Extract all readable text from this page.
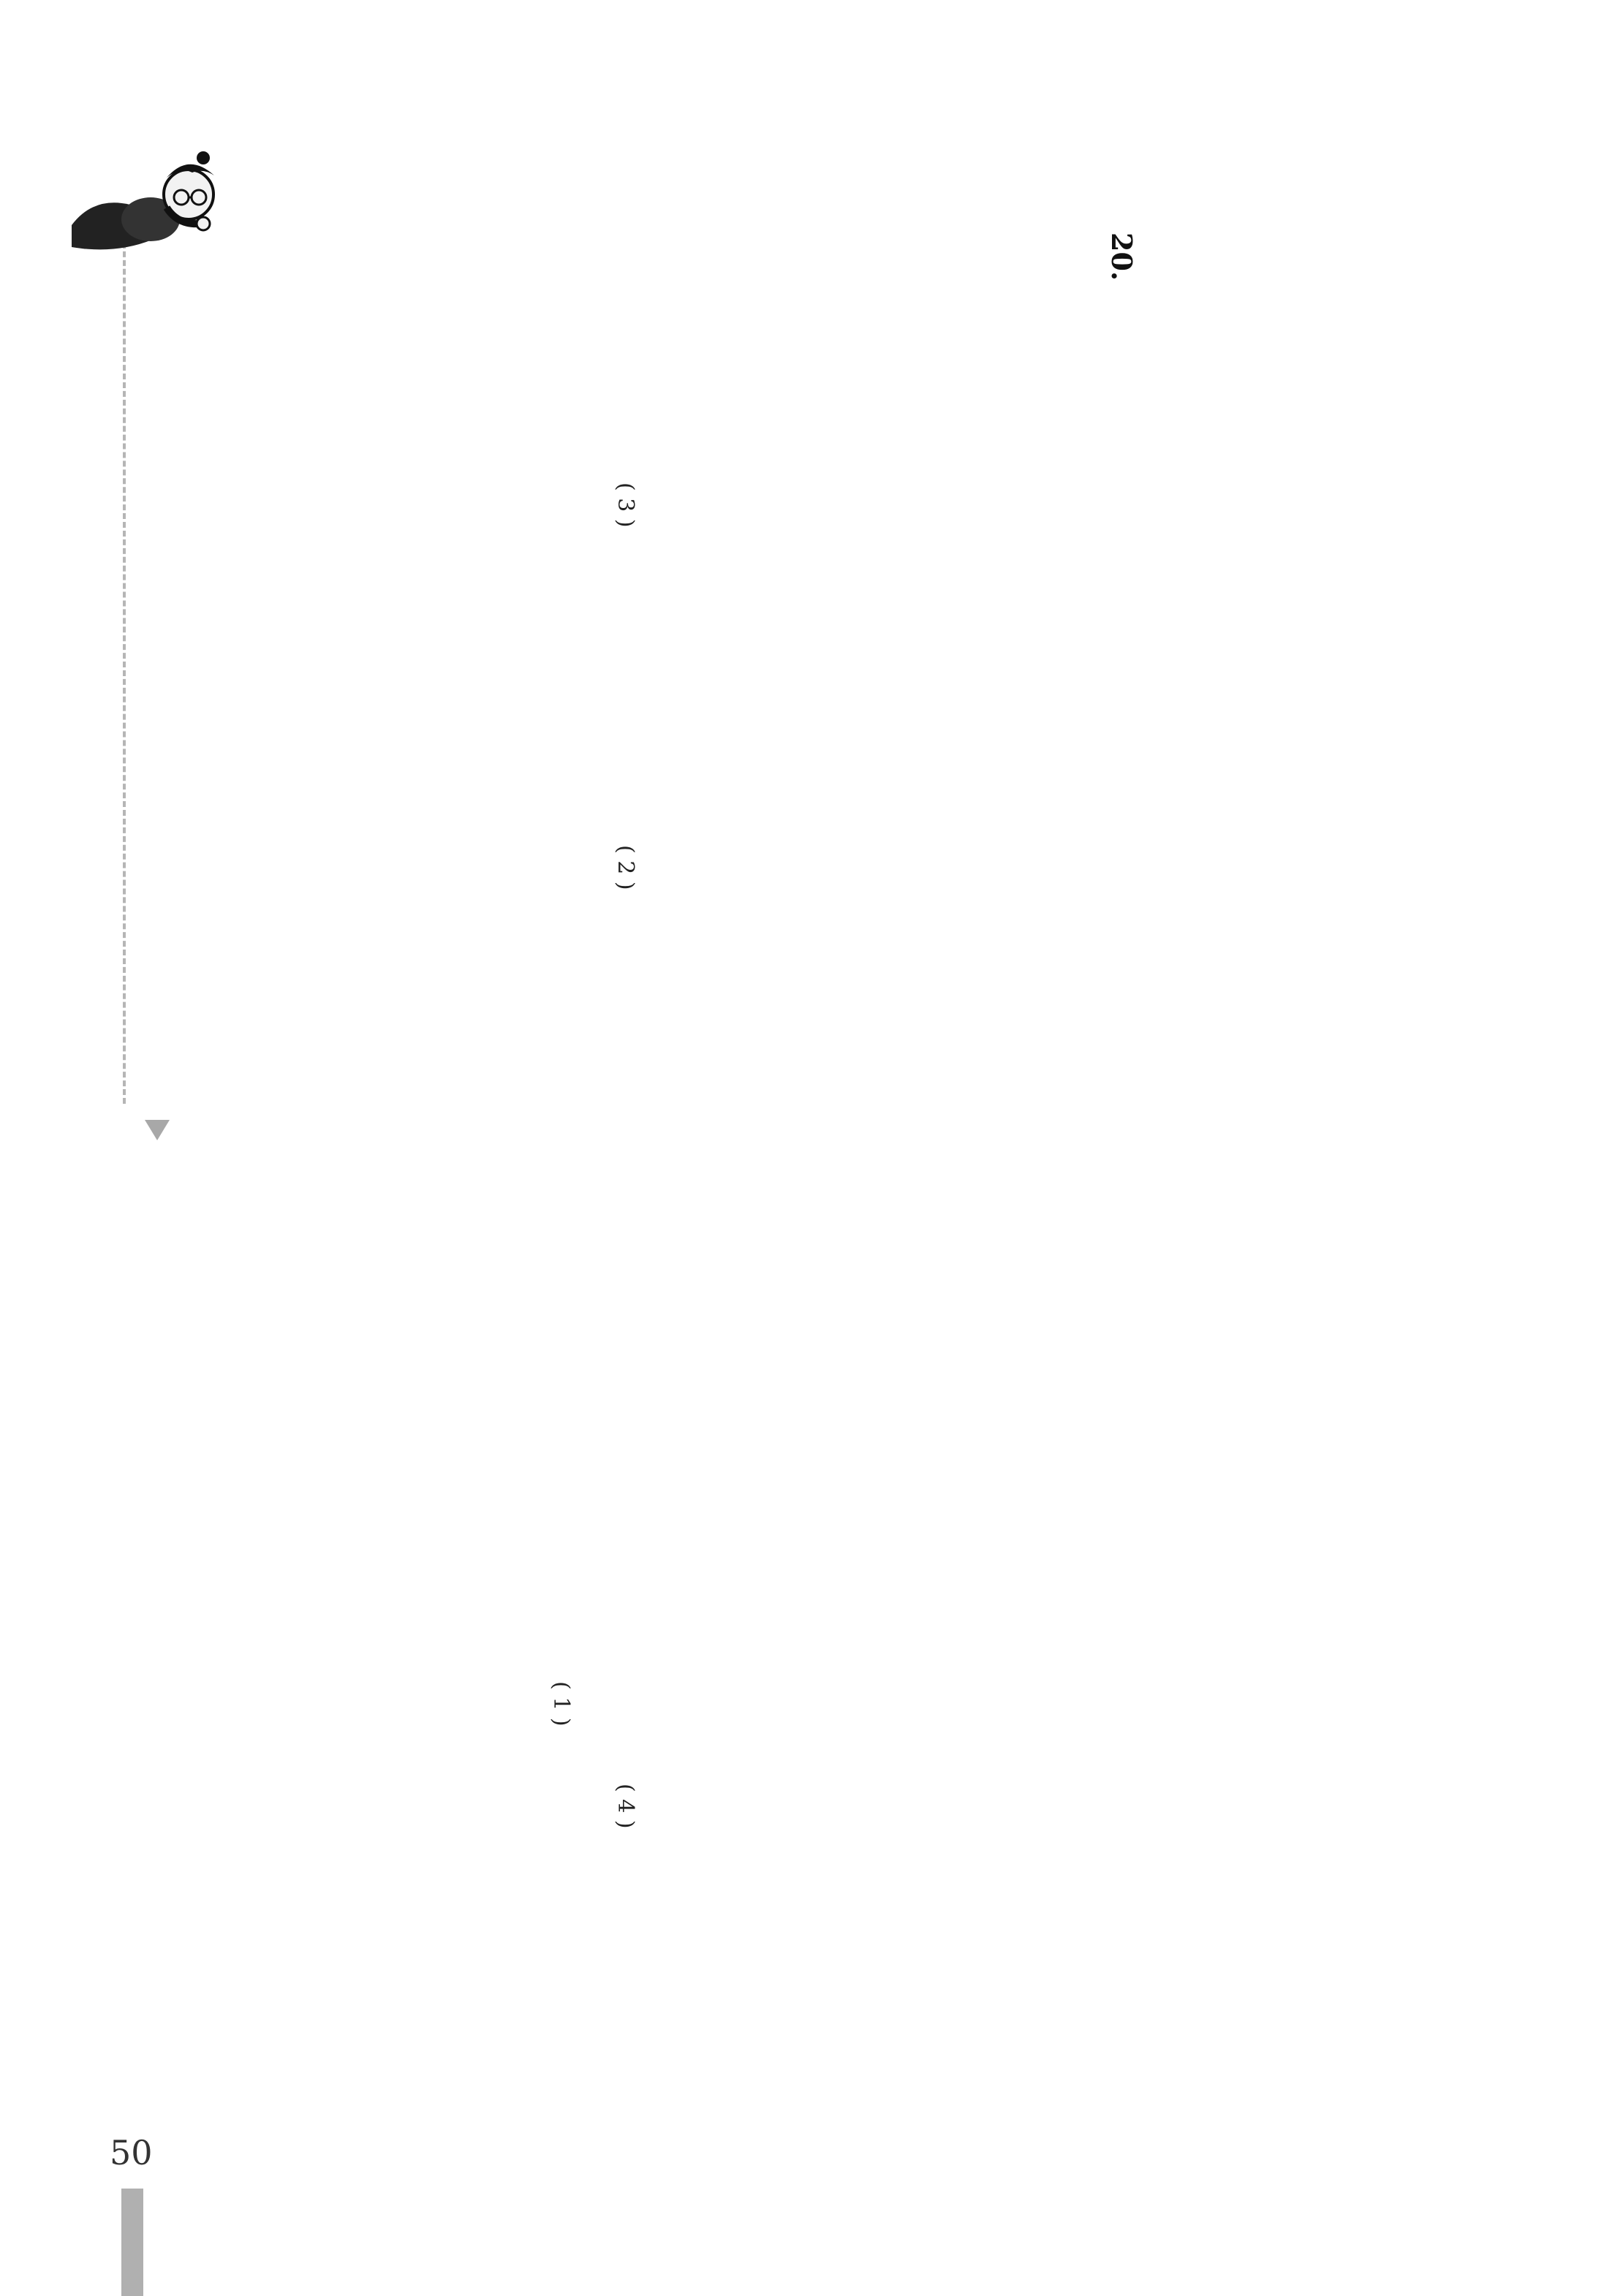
20.
( 2 )
( 1 )
( 4 )
( 3 )
50
